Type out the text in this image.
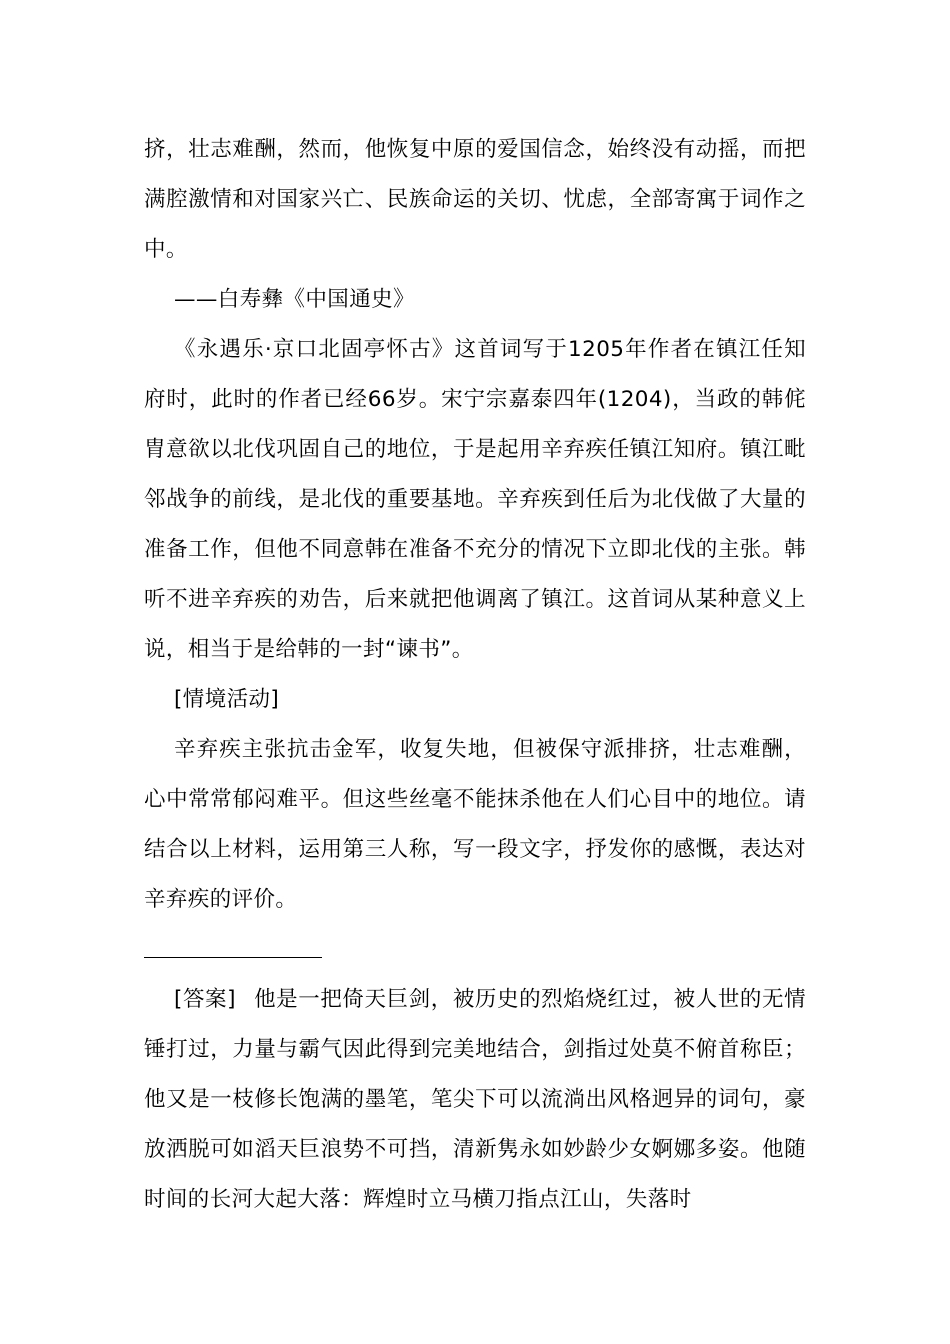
挤，壮志难酬，然而，他恢复中原的爱国信念，始终没有动摇，而把满腔激情和对国家兴亡、民族命运的关切、忧虑，全部寄寓于词作之中。

——白寿彝《中国通史》

《永遇乐·京口北固亭怀古》这首词写于1205年作者在镇江任知府时，此时的作者已经66岁。宋宁宗嘉泰四年(1204)，当政的韩侂胄意欲以北伐巩固自己的地位，于是起用辛弃疾任镇江知府。镇江毗邻战争的前线，是北伐的重要基地。辛弃疾到任后为北伐做了大量的准备工作，但他不同意韩在准备不充分的情况下立即北伐的主张。韩听不进辛弃疾的劝告，后来就把他调离了镇江。这首词从某种意义上说，相当于是给韩的一封“谏书”。

[情境活动]

辛弃疾主张抗击金军，收复失地，但被保守派排挤，壮志难酬，心中常常郁闷难平。但这些丝毫不能抹杀他在人们心目中的地位。请结合以上材料，运用第三人称，写一段文字，抒发你的感慨，表达对辛弃疾的评价。

[答案] 他是一把倚天巨剑，被历史的烈焰烧红过，被人世的无情锤打过，力量与霸气因此得到完美地结合，剑指过处莫不俯首称臣；他又是一枝修长饱满的墨笔，笔尖下可以流淌出风格迥异的词句，豪放洒脱可如滔天巨浪势不可挡，清新隽永如妙龄少女婀娜多姿。他随时间的长河大起大落：辉煌时立马横刀指点江山，失落时
